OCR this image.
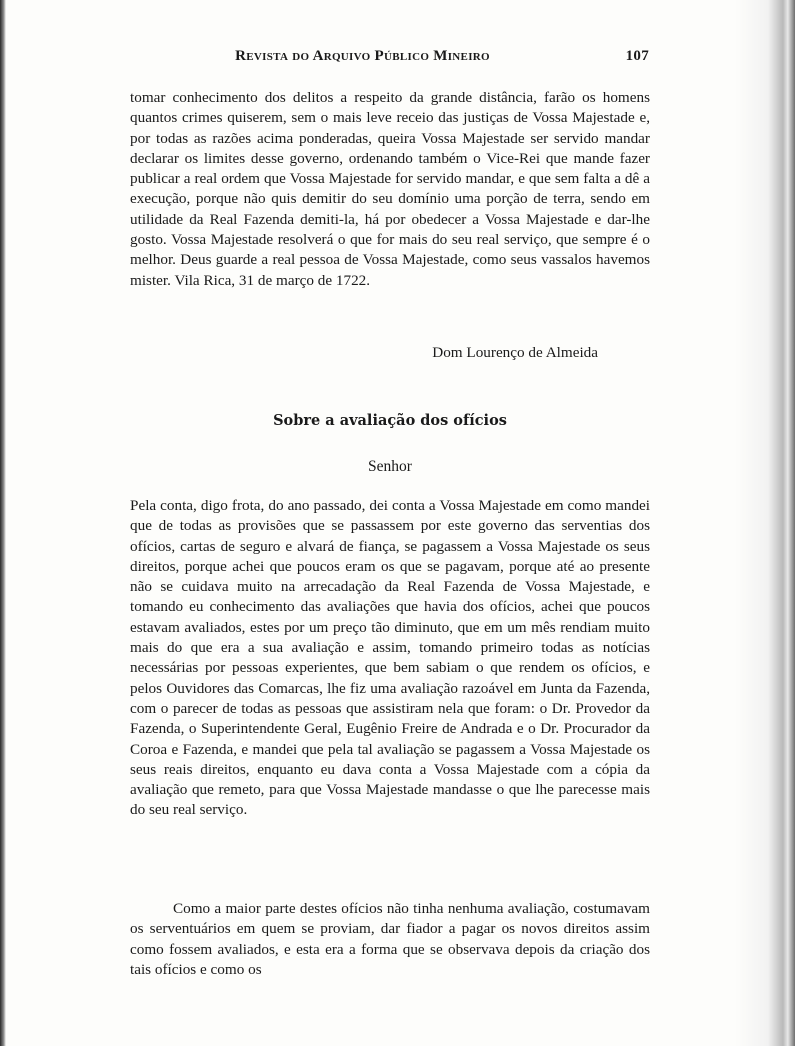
Revista do Arquivo Público Mineiro	107

tomar conhecimento dos delitos a respeito da grande distância, farão os homens quantos crimes quiserem, sem o mais leve receio das justiças de Vossa Majestade e, por todas as razões acima ponderadas, queira Vossa Majestade ser servido mandar declarar os limites desse governo, ordenando também o Vice-Rei que mande fazer publicar a real ordem que Vossa Majestade for servido mandar, e que sem falta a dê a execução, porque não quis demitir do seu domínio uma porção de terra, sendo em utilidade da Real Fazenda demiti-la, há por obedecer a Vossa Majestade e dar-lhe gosto. Vossa Majestade resolverá o que for mais do seu real serviço, que sempre é o melhor. Deus guarde a real pessoa de Vossa Majestade, como seus vassalos havemos mister. Vila Rica, 31 de março de 1722.

Dom Lourenço de Almeida
Sobre a avaliação dos ofícios
Senhor

Pela conta, digo frota, do ano passado, dei conta a Vossa Majestade em como mandei que de todas as provisões que se passassem por este governo das serventias dos ofícios, cartas de seguro e alvará de fiança, se pagassem a Vossa Majestade os seus direitos, porque achei que poucos eram os que se pagavam, porque até ao presente não se cuidava muito na arrecadação da Real Fazenda de Vossa Majestade, e tomando eu conhecimento das avaliações que havia dos ofícios, achei que poucos estavam avaliados, estes por um preço tão diminuto, que em um mês rendiam muito mais do que era a sua avaliação e assim, tomando primeiro todas as notícias necessárias por pessoas experientes, que bem sabiam o que rendem os ofícios, e pelos Ouvidores das Comarcas, lhe fiz uma avaliação razoável em Junta da Fazenda, com o parecer de todas as pessoas que assistiram nela que foram: o Dr. Provedor da Fazenda, o Superintendente Geral, Eugênio Freire de Andrada e o Dr. Procurador da Coroa e Fazenda, e mandei que pela tal avaliação se pagassem a Vossa Majestade os seus reais direitos, enquanto eu dava conta a Vossa Majestade com a cópia da avaliação que remeto, para que Vossa Majestade mandasse o que lhe parecesse mais do seu real serviço.

Como a maior parte destes ofícios não tinha nenhuma avaliação, costumavam os serventuários em quem se proviam, dar fiador a pagar os novos direitos assim como fossem avaliados, e esta era a forma que se observava depois da criação dos tais ofícios e como os
